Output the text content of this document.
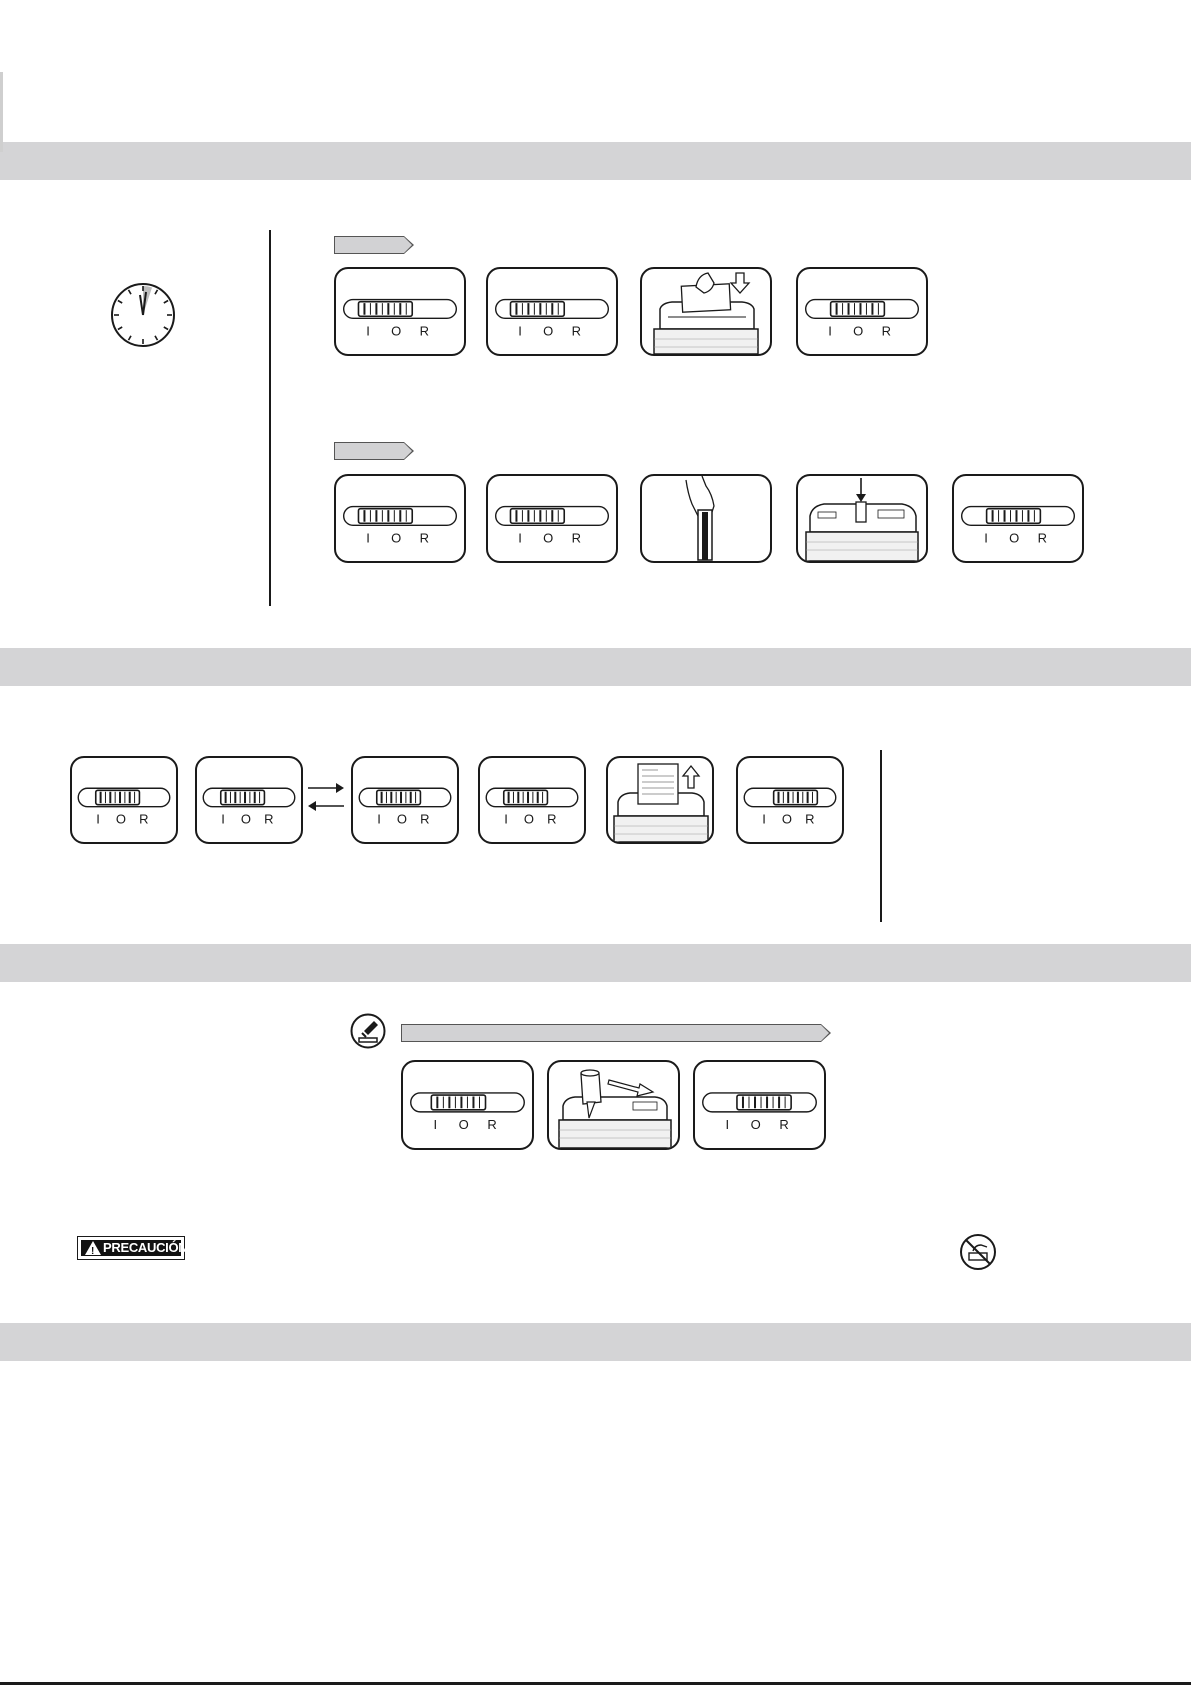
I O R	I O R	I O R
I O R	I O R	I O R
I O R	I O R	I O R	I O R	I O R
I O R	I O R
! PRECAUCIÓN
